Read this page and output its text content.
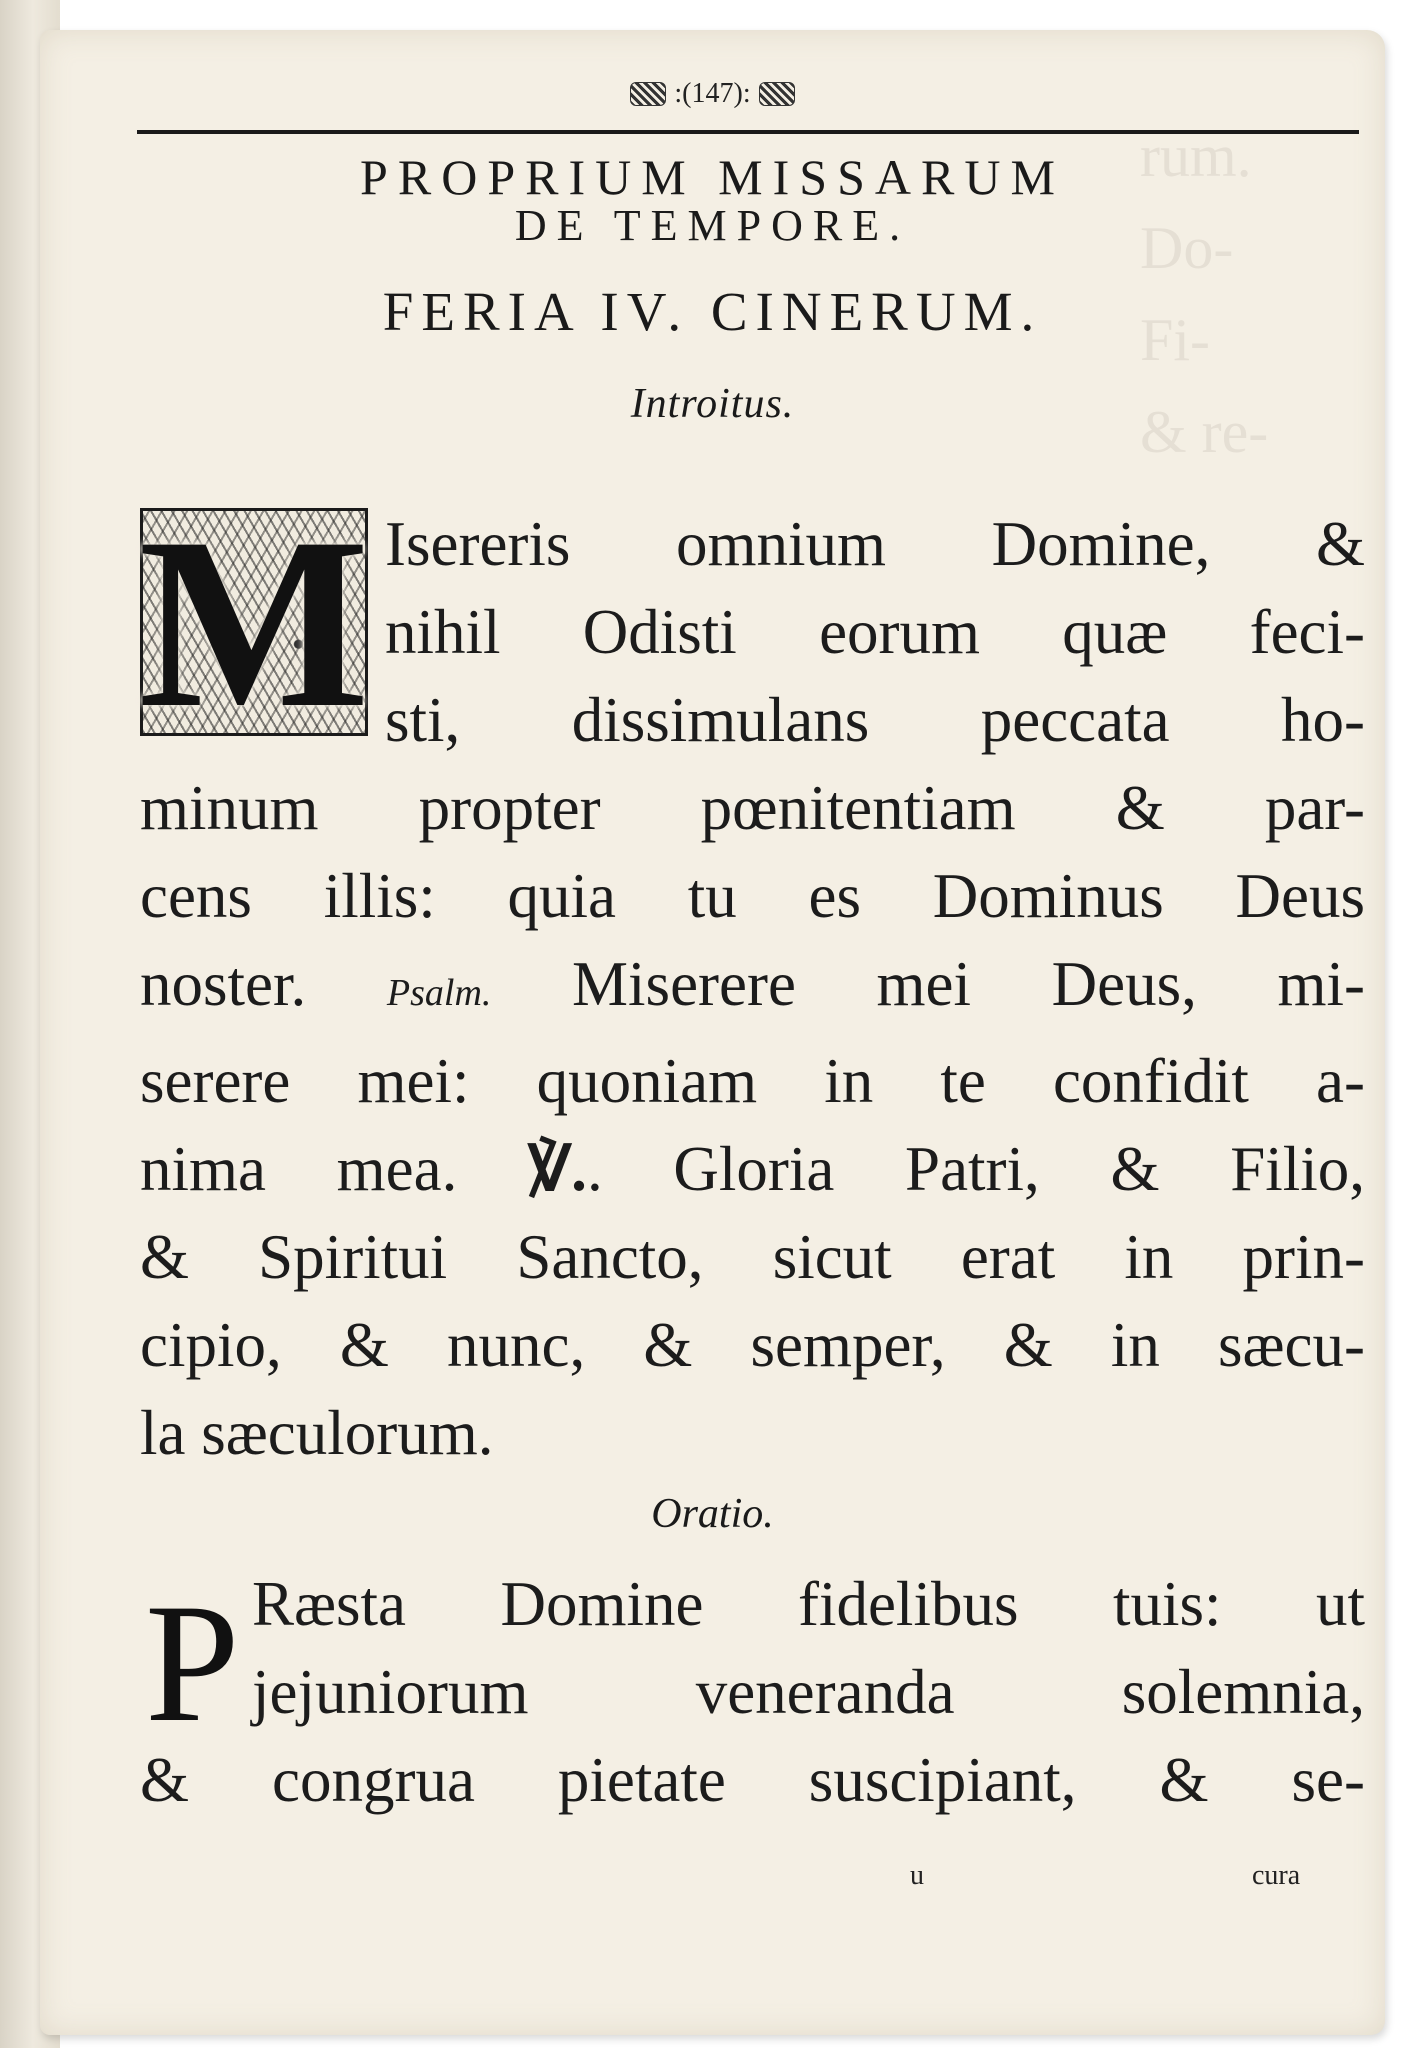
rum.
Do-
Fi-
& re-
:(147):
PROPRIUM MISSARUM
DE TEMPORE.
FERIA IV. CINERUM.
Introitus.
M Isereris omnium Domine, &
nihil Odisti eorum quæ feci-
sti, dissimulans peccata ho-
minum propter pœnitentiam & par-
cens illis: quia tu es Dominus Deus
noster. Psalm. Miserere mei Deus, mi-
serere mei: quoniam in te confidit a-
nima mea. ℣.. Gloria Patri, & Filio,
& Spiritui Sancto, sicut erat in prin-
cipio, & nunc, & semper, & in sæcu-
la sæculorum.
Oratio.
P Ræsta Domine fidelibus tuis: ut
jejuniorum veneranda solemnia,
& congrua pietate suscipiant, & se-
u	cura
